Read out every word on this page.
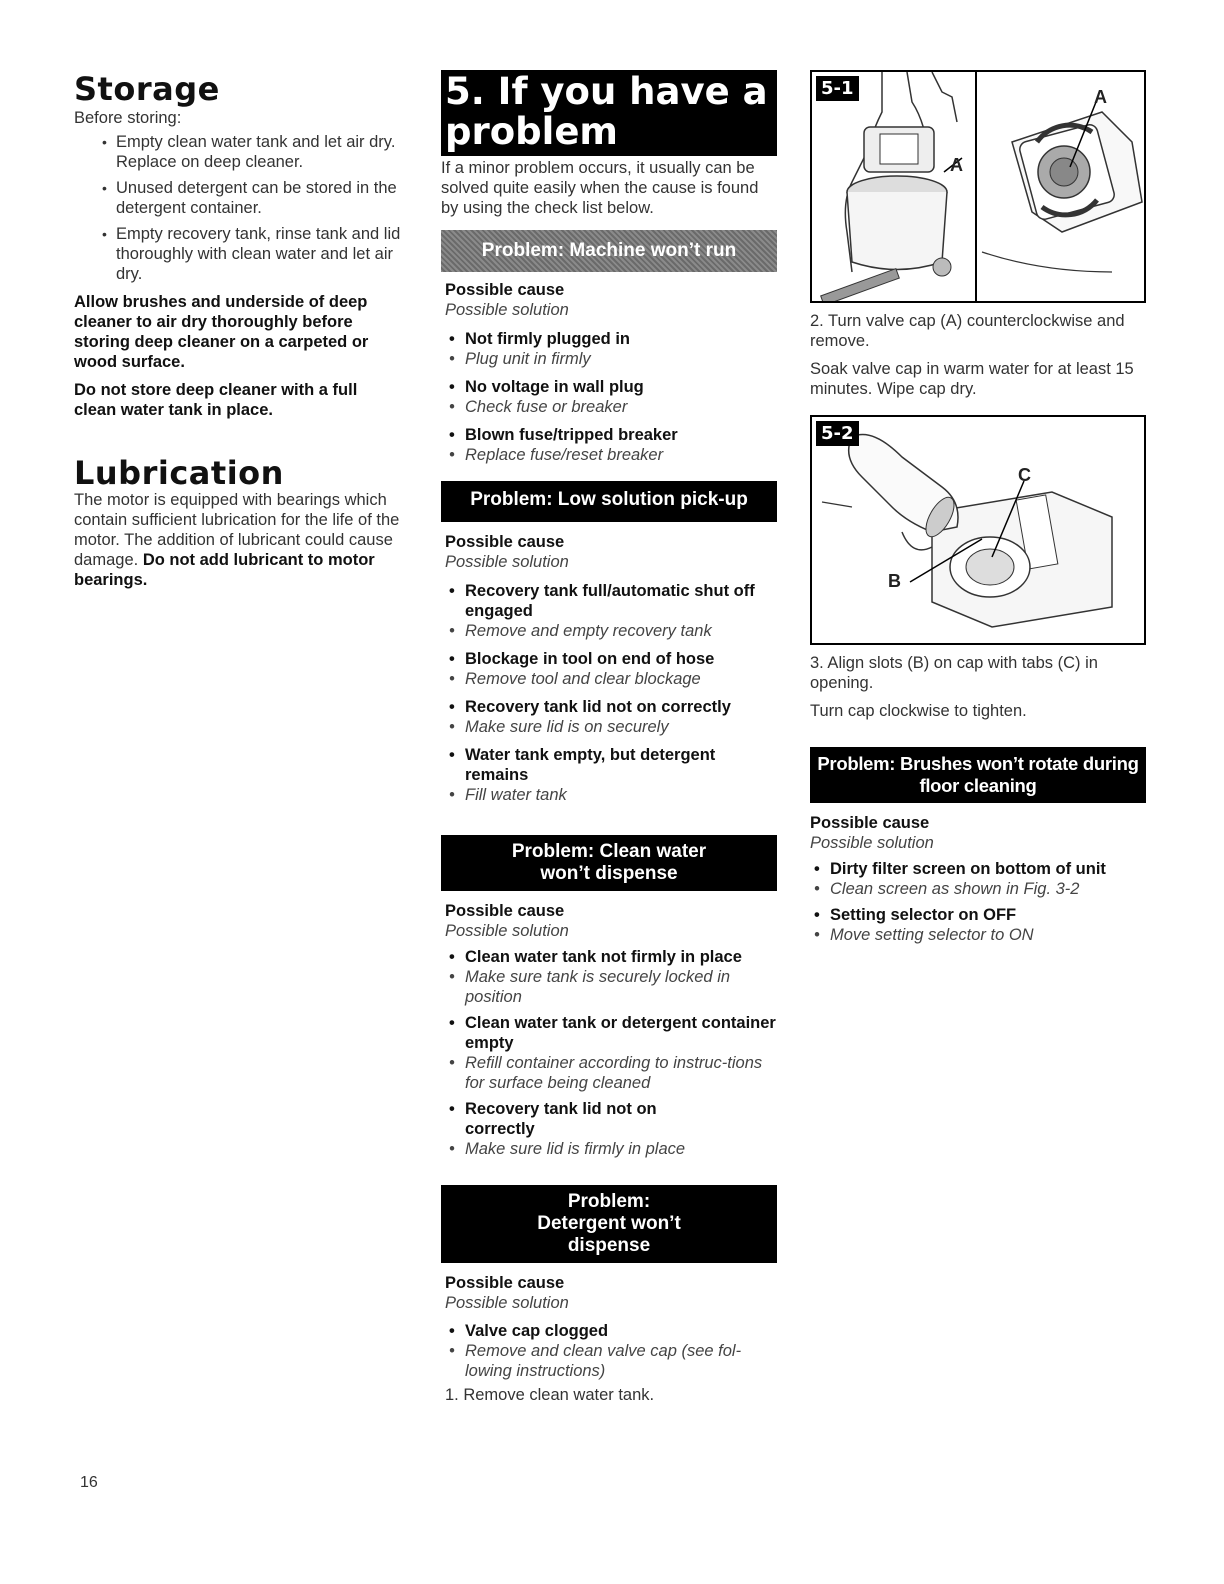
Storage
Before storing:
• Empty clean water tank and let air dry. Replace on deep cleaner.
• Unused detergent can be stored in the detergent container.
• Empty recovery tank, rinse tank and lid thoroughly with clean water and let air dry.
Allow brushes and underside of deep cleaner to air dry thoroughly before storing deep cleaner on a carpeted or wood surface.
Do not store deep cleaner with a full clean water tank in place.
Lubrication
The motor is equipped with bearings which contain sufficient lubrication for the life of the motor. The addition of lubricant could cause damage. Do not add lubricant to motor bearings.
5. If you have a
problem
If a minor problem occurs, it usually can be solved quite easily when the cause is found by using the check list below.
Problem: Machine won’t run
Possible cause
Possible solution
• Not firmly plugged in
• Plug unit in firmly
• No voltage in wall plug
• Check fuse or breaker
• Blown fuse/tripped breaker
• Replace fuse/reset breaker
Problem: Low solution pick-up
Possible cause
Possible solution
• Recovery tank full/automatic shut off engaged
• Remove and empty recovery tank
• Blockage in tool on end of hose
• Remove tool and clear blockage
• Recovery tank lid not on correctly
• Make sure lid is on securely
• Water tank empty, but detergent remains
• Fill water tank
Problem: Clean water won’t dispense
Possible cause
Possible solution
• Clean water tank not firmly in place
• Make sure tank is securely locked in position
• Clean water tank or detergent container empty
• Refill container according to instruc-tions for surface being cleaned
• Recovery tank lid not on correctly
• Make sure lid is firmly in place
Problem: Detergent won’t dispense
Possible cause
Possible solution
• Valve cap clogged
• Remove and clean valve cap (see fol-lowing instructions)
1. Remove clean water tank.
5-1
A
A
2. Turn valve cap (A) counterclockwise and remove.
Soak valve cap in warm water for at least 15 minutes. Wipe cap dry.
5-2
B
C
3. Align slots (B) on cap with tabs (C) in opening.
Turn cap clockwise to tighten.
Problem: Brushes won’t rotate during floor cleaning
Possible cause
Possible solution
• Dirty filter screen on bottom of unit
• Clean screen as shown in Fig. 3-2
• Setting selector on OFF
• Move setting selector to ON
16
